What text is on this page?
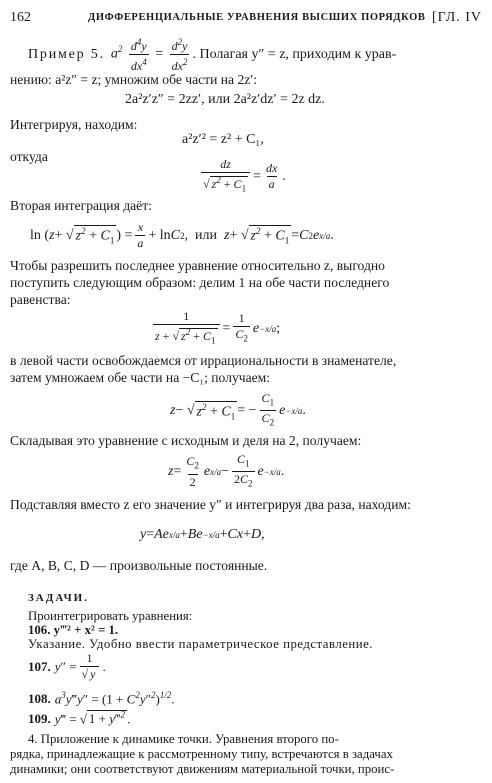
162	ДИФФЕРЕНЦИАЛЬНЫЕ УРАВНЕНИЯ ВЫСШИХ ПОРЯДКОВ [ГЛ. IV
Пример 5. $a^2 \frac{d^4y}{dx^4} = \frac{d^2y}{dx^2}$ . Полагая y″ = z, приходим к урав-
нению: a²z″ = z; умножим обе части на 2z′:
2a²z′z″ = 2zz′, или 2a²z′dz′ = 2z dz.
Интегрируя, находим:
a²z′² = z² + C₁,
откуда	dz
√ $z^2 + C_1$
=
dx
a
.
Вторая интеграция даёт:
ln ( z + √ $z^2 + C_1$ ) =
x
a
+ ln C 2 ,  или z + √ $z^2 + C_1 = C$ 2 e x/a .
Чтобы разрешить последнее уравнение относительно z, выгодно
поступить следующим образом: делим 1 на обе части последнего
равенства:
1
z + √ $z^2 + C_1$
=
1
$C_2$
e −x/a ;
в левой части освобождаемся от иррациональности в знаменателе,
затем умножаем обе части на −C₁; получаем:
z − √ $z^2 + C_1$ = −
$C_1$
$C_2$
e −x/a .
Складывая это уравнение с исходным и деля на 2, получаем:
z =
$C_2$
2
e x/a −
$C_1$
$2C_2$
e −x/a .
Подставляя вместо z его значение y″ и интегрируя два раза, находим:
y = Ae x/a + Be −x/a + Cx + D ,
где A, B, C, D — произвольные постоянные.
ЗАДАЧИ.
Проинтегрировать уравнения:
106. y‴² + x² = 1.
Указание. Удобно ввести параметрическое представление.
107. $y'' = \frac{1}{√ y}$ .
108. $a^3y‴y'' = (1 + C^2y''^2)^{1/2}$.
109. y‴ = √ 1 + y‴$^2$ .
4. Приложение к динамике точки. Уравнения второго по-
рядка, принадлежащие к рассмотренному типу, встречаются в задачах
динамики; они соответствуют движениям материальной точки, проис-
